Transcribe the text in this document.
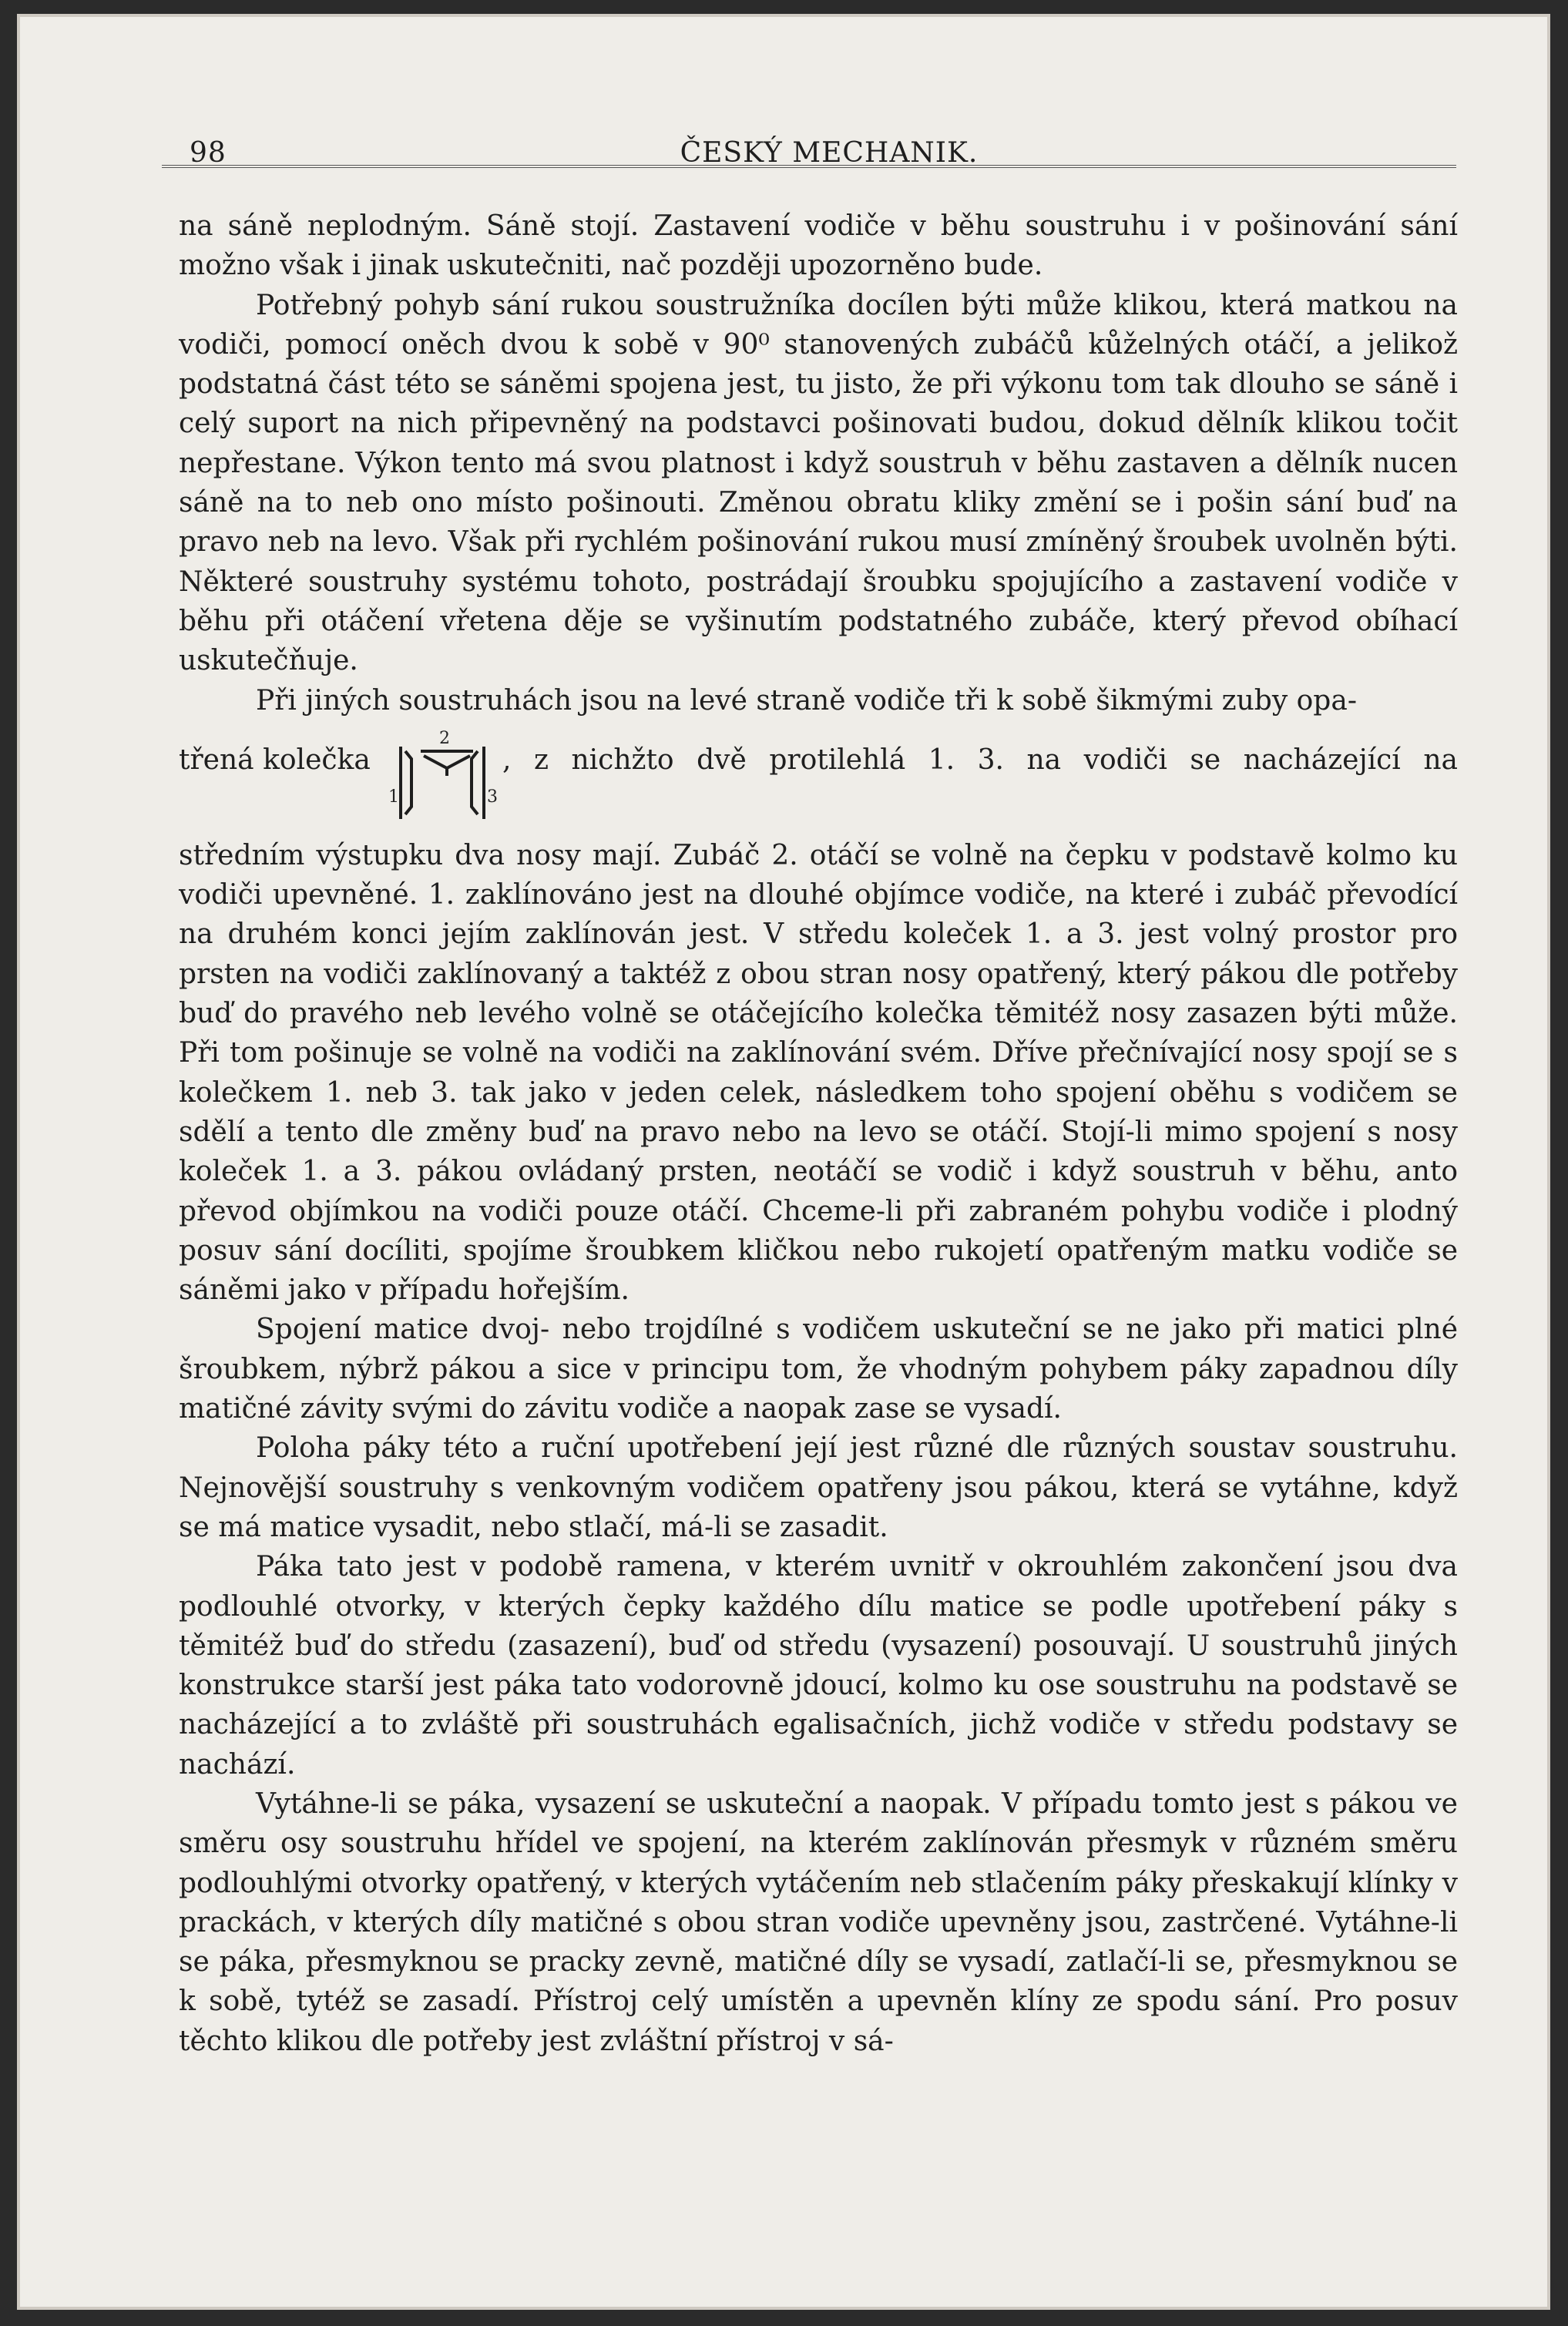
98	ČESKÝ MECHANIK.

na sáně neplodným. Sáně stojí. Zastavení vodiče v běhu soustruhu i v pošinování sání možno však i jinak uskutečniti, nač později upozorněno bude.

Potřebný pohyb sání rukou soustružníka docílen býti může klikou, která matkou na vodiči, pomocí oněch dvou k sobě v 90⁰ stanovených zubáčů kůželných otáčí, a jelikož podstatná část této se sáněmi spojena jest, tu jisto, že při výkonu tom tak dlouho se sáně i celý suport na nich připevněný na podstavci pošinovati budou, dokud dělník klikou točit nepřestane. Výkon tento má svou platnost i když soustruh v běhu zastaven a dělník nucen sáně na to neb ono místo pošinouti. Změnou obratu kliky změní se i pošin sání buď na pravo neb na levo. Však při rychlém pošinování rukou musí zmíněný šroubek uvolněn býti. Některé soustruhy systému tohoto, postrádají šroubku spojujícího a zastavení vodiče v běhu při otáčení vřetena děje se vyšinutím podstatného zubáče, který převod obíhací uskutečňuje.

Při jiných soustruhách jsou na levé straně vodiče tři k sobě šikmými zuby opa-

třená kolečka
2
1	3
, z nichžto dvě protilehlá 1. 3. na vodiči se nacházející na

středním výstupku dva nosy mají. Zubáč 2. otáčí se volně na čepku v podstavě kolmo ku vodiči upevněné. 1. zaklínováno jest na dlouhé objímce vodiče, na které i zubáč převodící na druhém konci jejím zaklínován jest. V středu koleček 1. a 3. jest volný prostor pro prsten na vodiči zaklínovaný a taktéž z obou stran nosy opatřený, který pákou dle potřeby buď do pravého neb levého volně se otáčejícího kolečka těmitéž nosy zasazen býti může. Při tom pošinuje se volně na vodiči na zaklínování svém. Dříve přečnívající nosy spojí se s kolečkem 1. neb 3. tak jako v jeden celek, následkem toho spojení oběhu s vodičem se sdělí a tento dle změny buď na pravo nebo na levo se otáčí. Stojí-li mimo spojení s nosy koleček 1. a 3. pákou ovládaný prsten, neotáčí se vodič i když soustruh v běhu, anto převod objímkou na vodiči pouze otáčí. Chceme-li při zabraném pohybu vodiče i plodný posuv sání docíliti, spojíme šroubkem kličkou nebo rukojetí opatřeným matku vodiče se sáněmi jako v případu hořejším.

Spojení matice dvoj- nebo trojdílné s vodičem uskuteční se ne jako při matici plné šroubkem, nýbrž pákou a sice v principu tom, že vhodným pohybem páky zapadnou díly matičné závity svými do závitu vodiče a naopak zase se vysadí.

Poloha páky této a ruční upotřebení její jest různé dle různých soustav soustruhu. Nejnovější soustruhy s venkovným vodičem opatřeny jsou pákou, která se vytáhne, když se má matice vysadit, nebo stlačí, má-li se zasadit.

Páka tato jest v podobě ramena, v kterém uvnitř v okrouhlém zakončení jsou dva podlouhlé otvorky, v kterých čepky každého dílu matice se podle upotřebení páky s těmitéž buď do středu (zasazení), buď od středu (vysazení) posouvají. U soustruhů jiných konstrukce starší jest páka tato vodorovně jdoucí, kolmo ku ose soustruhu na podstavě se nacházející a to zvláště při soustruhách egalisačních, jichž vodiče v středu podstavy se nachází.

Vytáhne-li se páka, vysazení se uskuteční a naopak. V případu tomto jest s pákou ve směru osy soustruhu hřídel ve spojení, na kterém zaklínován přesmyk v různém směru podlouhlými otvorky opatřený, v kterých vytáčením neb stlačením páky přeskakují klínky v prackách, v kterých díly matičné s obou stran vodiče upevněny jsou, zastrčené. Vytáhne-li se páka, přesmyknou se pracky zevně, matičné díly se vysadí, zatlačí-li se, přesmyknou se k sobě, tytéž se zasadí. Přístroj celý umístěn a upevněn klíny ze spodu sání. Pro posuv těchto klikou dle potřeby jest zvláštní přístroj v sá-
